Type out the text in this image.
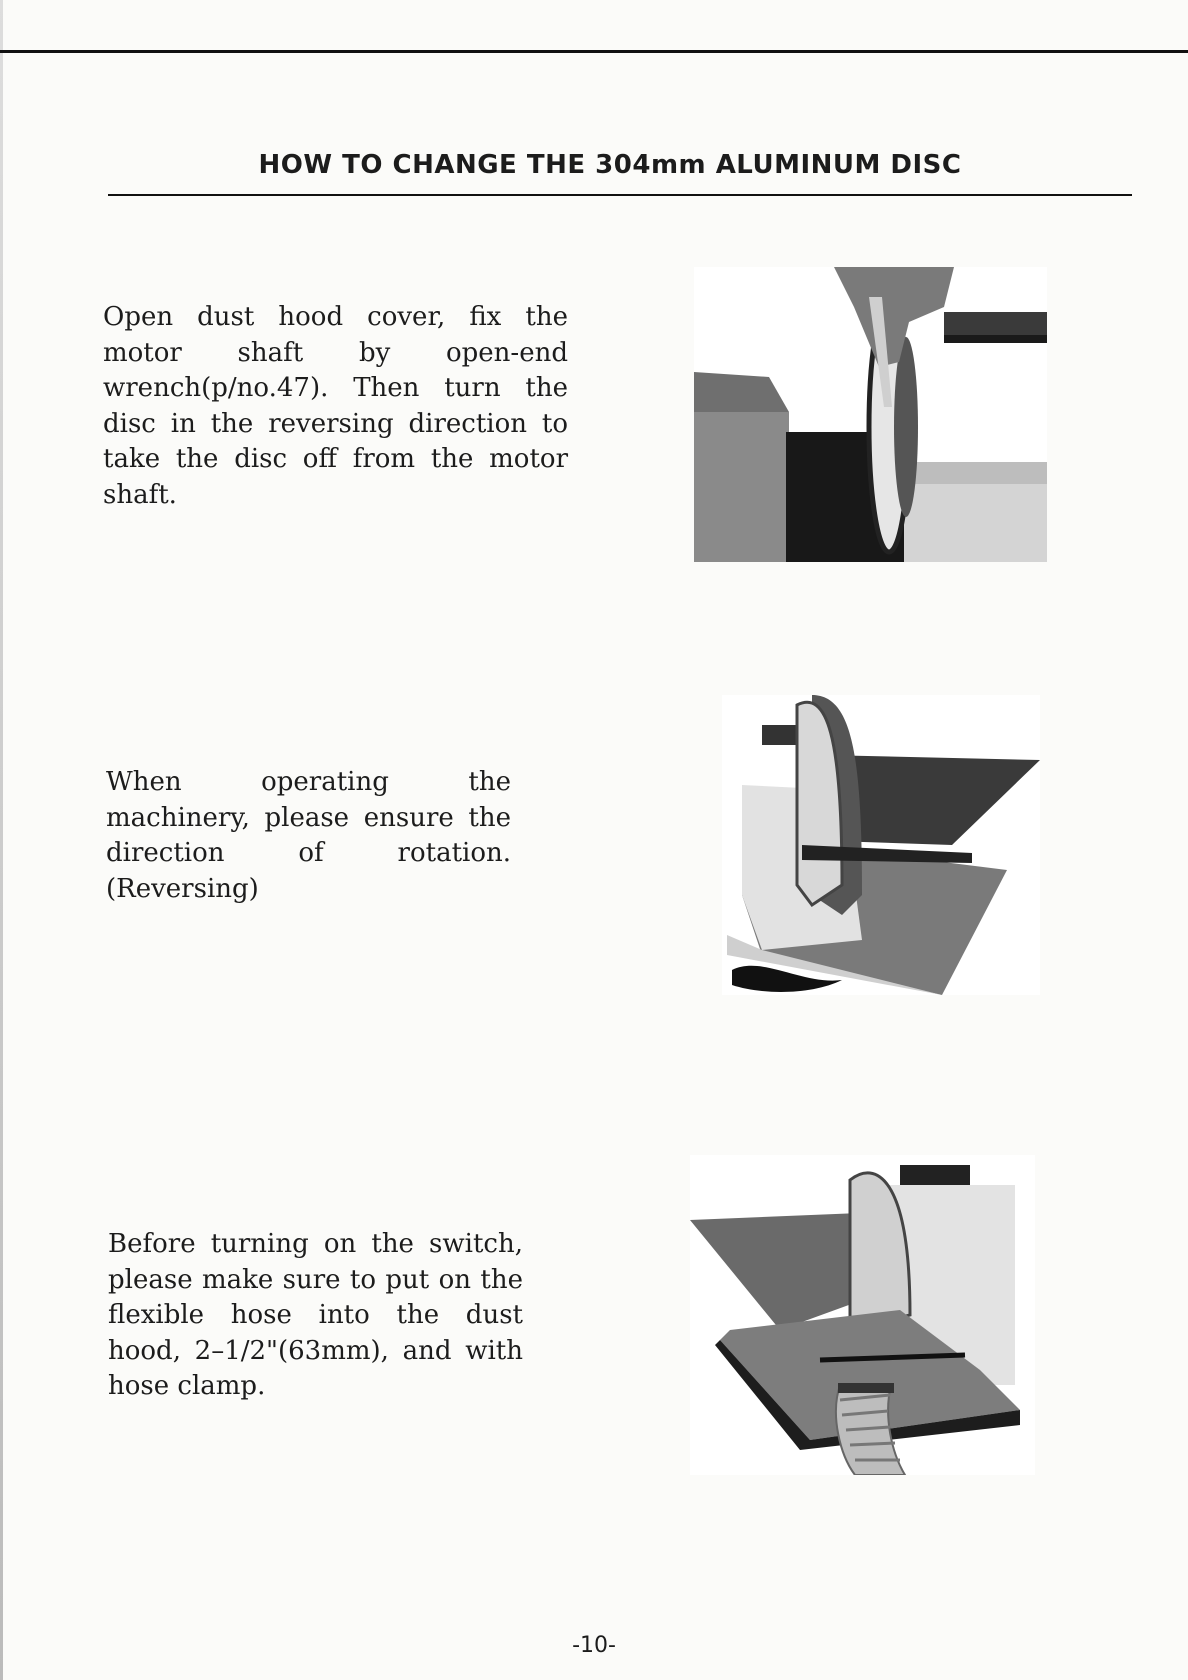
HOW TO CHANGE THE 304mm ALUMINUM DISC

Open dust hood cover, fix the motor shaft by open-end wrench(p/no.47). Then turn the disc in the reversing direction to take the disc off from the motor shaft.

When operating the machinery, please ensure the direction of rotation.(Reversing)

Before turning on the switch, please make sure to put on the flexible hose into the dust hood, 2–1/2"(63mm), and with hose clamp.

-10-
